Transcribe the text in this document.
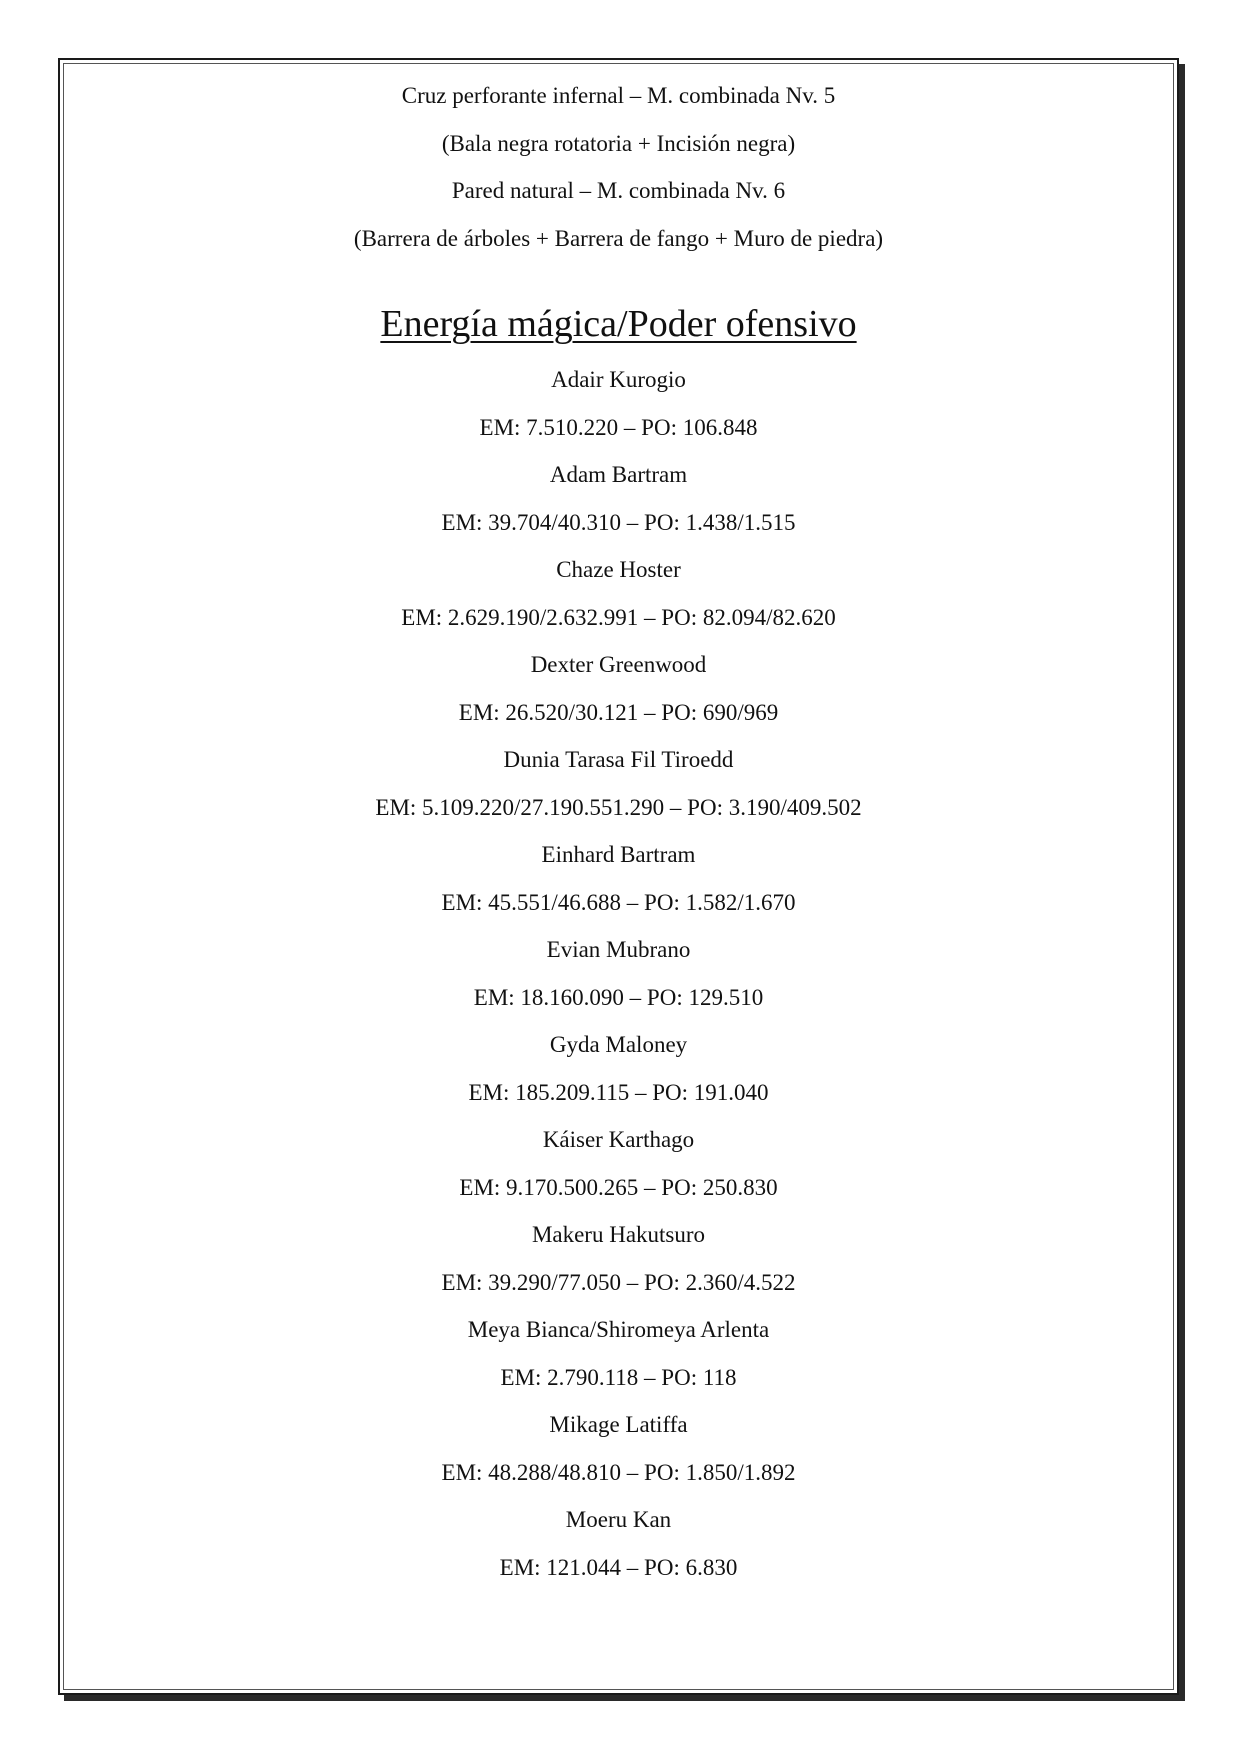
Cruz perforante infernal – M. combinada Nv. 5
(Bala negra rotatoria + Incisión negra)
Pared natural – M. combinada Nv. 6
(Barrera de árboles + Barrera de fango + Muro de piedra)
Energía mágica/Poder ofensivo
Adair Kurogio
EM: 7.510.220 – PO: 106.848
Adam Bartram
EM: 39.704/40.310 – PO: 1.438/1.515
Chaze Hoster
EM: 2.629.190/2.632.991 – PO: 82.094/82.620
Dexter Greenwood
EM: 26.520/30.121 – PO: 690/969
Dunia Tarasa Fil Tiroedd
EM: 5.109.220/27.190.551.290 – PO: 3.190/409.502
Einhard Bartram
EM: 45.551/46.688 – PO: 1.582/1.670
Evian Mubrano
EM: 18.160.090 – PO: 129.510
Gyda Maloney
EM: 185.209.115 – PO: 191.040
Káiser Karthago
EM: 9.170.500.265 – PO: 250.830
Makeru Hakutsuro
EM: 39.290/77.050 – PO: 2.360/4.522
Meya Bianca/Shiromeya Arlenta
EM: 2.790.118 – PO: 118
Mikage Latiffa
EM: 48.288/48.810 – PO: 1.850/1.892
Moeru Kan
EM: 121.044 – PO: 6.830
